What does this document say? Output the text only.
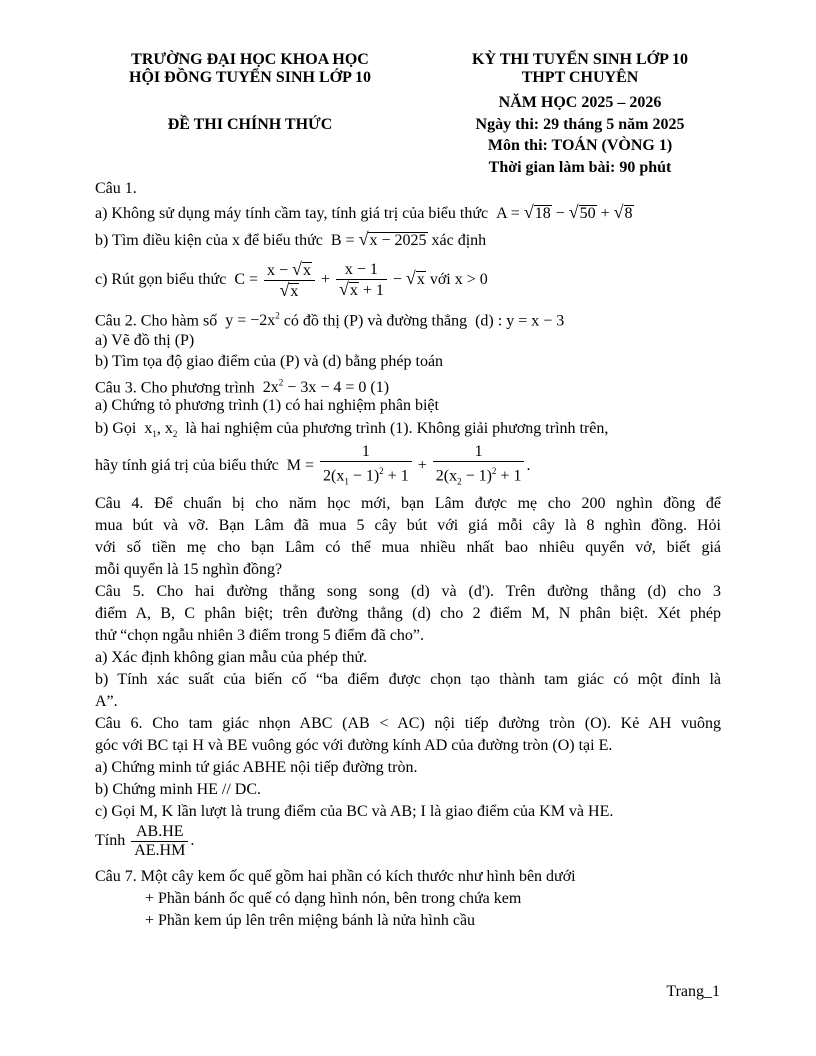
TRƯỜNG ĐẠI HỌC KHOA HỌC
HỘI ĐỒNG TUYỂN SINH LỚP 10
ĐỀ THI CHÍNH THỨC
KỲ THI TUYỂN SINH LỚP 10
THPT CHUYÊN
NĂM HỌC 2025 – 2026
Ngày thi: 29 tháng 5 năm 2025
Môn thi: TOÁN (VÒNG 1)
Thời gian làm bài: 90 phút
Câu 1.
a) Không sử dụng máy tính cầm tay, tính giá trị của biểu thức  A = √18 − √50 + √8
b) Tìm điều kiện của x để biểu thức  B = √x − 2025 xác định
c) Rút gọn biểu thức  $C = \frac{x - √x}{√x} + \frac{x - 1}{√x + 1} - √x$ với x > 0
Câu 2. Cho hàm số  $y = -2x^2$ có đồ thị (P) và đường thẳng  (d) : y = x − 3
a) Vẽ đồ thị (P)
b) Tìm tọa độ giao điểm của (P) và (d) bằng phép toán
Câu 3. Cho phương trình  $2x^2 - 3x - 4 = 0$ (1)
a) Chứng tỏ phương trình (1) có hai nghiệm phân biệt
b) Gọi  $x_1$, $x_2$ là hai nghiệm của phương trình (1). Không giải phương trình trên,
hãy tính giá trị của biểu thức  $M = \frac{1}{2(x_1 - 1)^2 + 1} + \frac{1}{2(x_2 - 1)^2 + 1}$ .
Câu 4. Để chuẩn bị cho năm học mới, bạn Lâm được mẹ cho 200 nghìn đồng để
mua bút và vỡ. Bạn Lâm đã mua 5 cây bút với giá mỗi cây là 8 nghìn đồng. Hỏi
với số tiền mẹ cho bạn Lâm có thể mua nhiều nhất bao nhiêu quyển vở, biết giá
mỗi quyển là 15 nghìn đồng?
Câu 5. Cho hai đường thẳng song song (d) và (d'). Trên đường thẳng (d) cho 3
điểm A, B, C phân biệt; trên đường thẳng (d) cho 2 điểm M, N phân biệt. Xét phép
thử “chọn ngẫu nhiên 3 điểm trong 5 điểm đã cho”.
a) Xác định không gian mẫu của phép thử.
b) Tính xác suất của biến cố “ba điểm được chọn tạo thành tam giác có một đỉnh là
A”.
Câu 6. Cho tam giác nhọn ABC (AB < AC) nội tiếp đường tròn (O). Kẻ AH vuông
góc với BC tại H và BE vuông góc với đường kính AD của đường tròn (O) tại E.
a) Chứng minh tứ giác ABHE nội tiếp đường tròn.
b) Chứng minh HE // DC.
c) Gọi M, K lần lượt là trung điểm của BC và AB; I là giao điểm của KM và HE.
Tính $\frac{AB.HE}{AE.HM}$ .
Câu 7. Một cây kem ốc quế gồm hai phần có kích thước như hình bên dưới
+ Phần bánh ốc quế có dạng hình nón, bên trong chứa kem
+ Phần kem úp lên trên miệng bánh là nửa hình cầu
Trang_1
